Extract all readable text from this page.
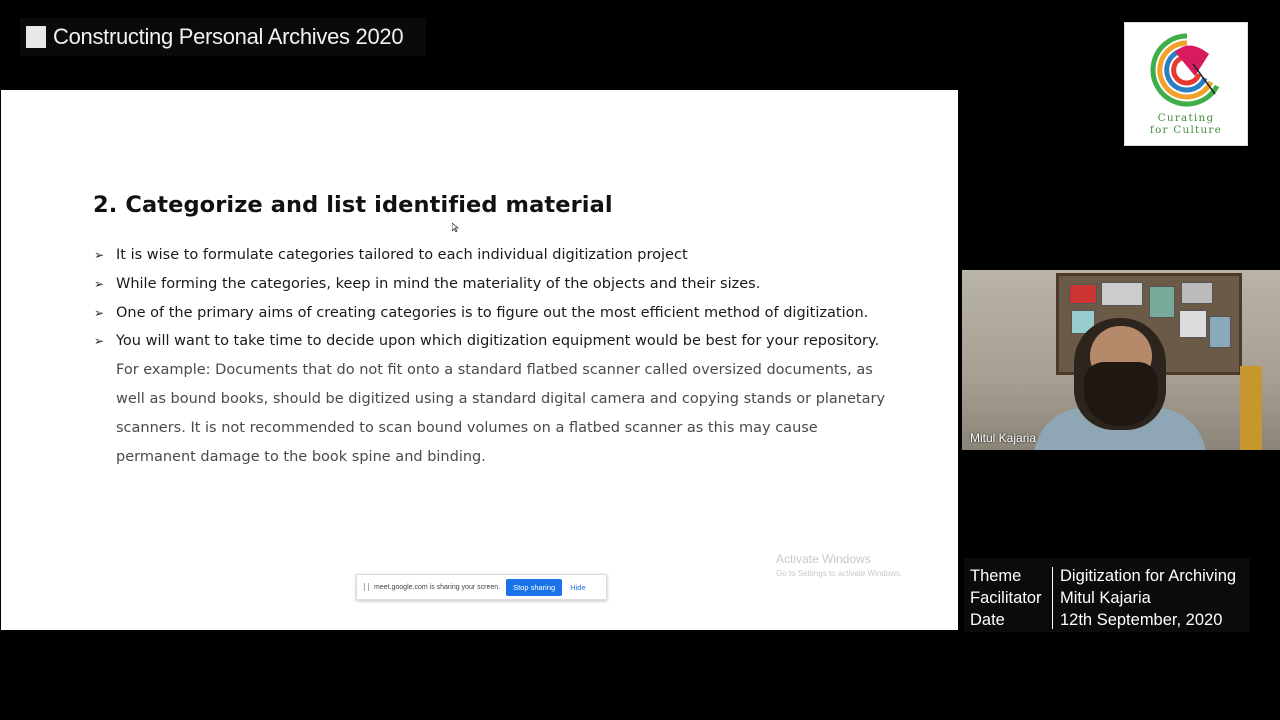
Constructing Personal Archives 2020
2. Categorize and list identified material
➢ It is wise to formulate categories tailored to each individual digitization project
➢ While forming the categories, keep in mind the materiality of the objects and their sizes.
➢ One of the primary aims of creating categories is to figure out the most efficient method of digitization.
➢ You will want to take time to decide upon which digitization equipment would be best for your repository. For example: Documents that do not fit onto a standard flatbed scanner called oversized documents, as well as bound books, should be digitized using a standard digital camera and copying stands or planetary scanners. It is not recommended to scan bound volumes on a flatbed scanner as this may cause permanent damage to the book spine and binding.
Activate Windows
Go to Settings to activate Windows.
meet.google.com is sharing your screen.	Stop sharing	Hide
Curating
for Culture
Mitul Kajaria
Theme Digitization for Archiving
Facilitator Mitul Kajaria
Date	12th September, 2020
